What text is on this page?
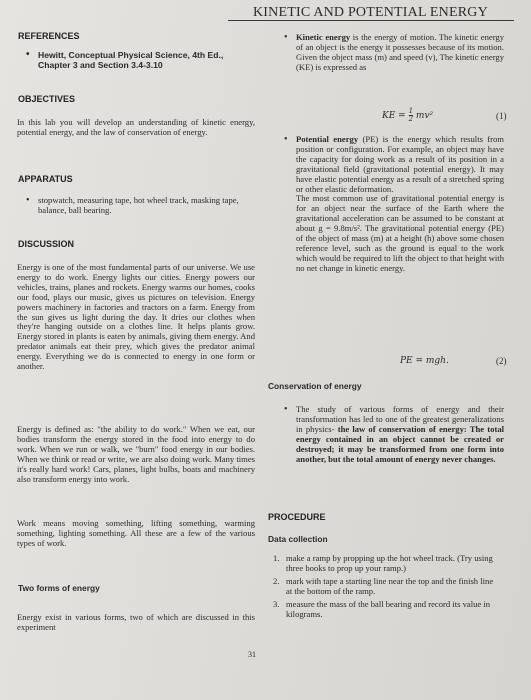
KINETIC AND POTENTIAL ENERGY
REFERENCES
• Hewitt, Conceptual Physical Science, 4th Ed., Chapter 3 and Section 3.4-3.10
OBJECTIVES
In this lab you will develop an understanding of kinetic energy, potential energy, and the law of conservation of energy.
APPARATUS
• stopwatch, measuring tape, hot wheel track, masking tape, balance, ball bearing.
DISCUSSION
Energy is one of the most fundamental parts of our universe. We use energy to do work. Energy lights our cities. Energy powers our vehicles, trains, planes and rockets. Energy warms our homes, cooks our food, plays our music, gives us pictures on television. Energy powers machinery in factories and tractors on a farm. Energy from the sun gives us light during the day. It dries our clothes when they're hanging outside on a clothes line. It helps plants grow. Energy stored in plants is eaten by animals, giving them energy. And predator animals eat their prey, which gives the predator animal energy. Everything we do is connected to energy in one form or another.
Energy is defined as: "the ability to do work." When we eat, our bodies transform the energy stored in the food into energy to do work. When we run or walk, we "burn" food energy in our bodies. When we think or read or write, we are also doing work. Many times it's really hard work! Cars, planes, light bulbs, boats and machinery also transform energy into work.
Work means moving something, lifting something, warming something, lighting something. All these are a few of the various types of work.
Two forms of energy
Energy exist in various forms, two of which are discussed in this experiment
• Kinetic energy is the energy of motion. The kinetic energy of an object is the energy it possesses because of its motion. Given the object mass (m) and speed (v), The kinetic energy (KE) is expressed as
KE = $\frac{1}{2} mv^2$	(1)
• Potential energy (PE) is the energy which results from position or configuration. For example, an object may have the capacity for doing work as a result of its position in a gravitational field (gravitational potential energy). It may have elastic potential energy as a result of a stretched spring or other elastic deformation.
The most common use of gravitational potential energy is for an object near the surface of the Earth where the gravitational acceleration can be assumed to be constant at about g = 9.8m/s². The gravitational potential energy (PE) of the object of mass (m) at a height (h) above some chosen reference level, such as the ground is equal to the work which would be required to lift the object to that height with no net change in kinetic energy.
PE = mgh.	(2)
Conservation of energy
• The study of various forms of energy and their transformation has led to one of the greatest generalizations in physics- the law of conservation of energy: The total energy contained in an object cannot be created or destroyed; it may be transformed from one form into another, but the total amount of energy never changes.
PROCEDURE
Data collection
1. make a ramp by propping up the hot wheel track. (Try using three books to prop up your ramp.)
2. mark with tape a starting line near the top and the finish line at the bottom of the ramp.
3. measure the mass of the ball bearing and record its value in kilograms.
31
